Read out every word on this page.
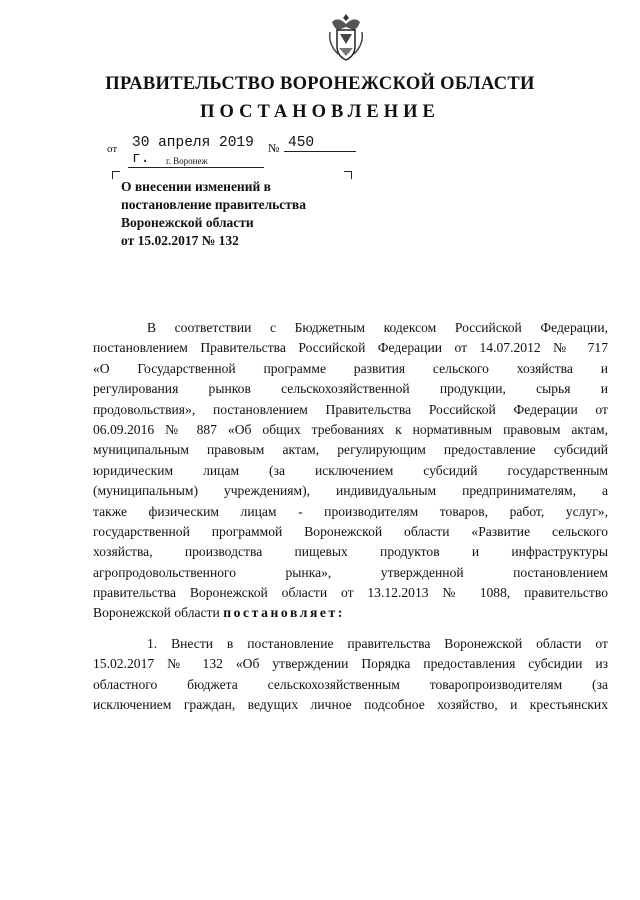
ПРАВИТЕЛЬСТВО ВОРОНЕЖСКОЙ ОБЛАСТИ
ПОСТАНОВЛЕНИЕ
от 30 апреля 2019 г.
№ 450
г. Воронеж
О внесении изменений в
постановление правительства
Воронежской области
от 15.02.2017 № 132
В соответствии с Бюджетным кодексом Российской Федерации,
постановлением Правительства Российской Федерации от 14.07.2012 № 717
«О Государственной программе развития сельского хозяйства и
регулирования рынков сельскохозяйственной продукции, сырья и
продовольствия», постановлением Правительства Российской Федерации от
06.09.2016 № 887 «Об общих требованиях к нормативным правовым актам,
муниципальным правовым актам, регулирующим предоставление субсидий
юридическим лицам (за исключением субсидий государственным
(муниципальным) учреждениям), индивидуальным предпринимателям, а
также физическим лицам - производителям товаров, работ, услуг»,
государственной программой Воронежской области «Развитие сельского
хозяйства, производства пищевых продуктов и инфраструктуры
агропродовольственного рынка», утвержденной постановлением
правительства Воронежской области от 13.12.2013 № 1088, правительство
Воронежской области постановляет:
1. Внести в постановление правительства Воронежской области от
15.02.2017 № 132 «Об утверждении Порядка предоставления субсидии из
областного бюджета сельскохозяйственным товаропроизводителям (за
исключением граждан, ведущих личное подсобное хозяйство, и крестьянских
